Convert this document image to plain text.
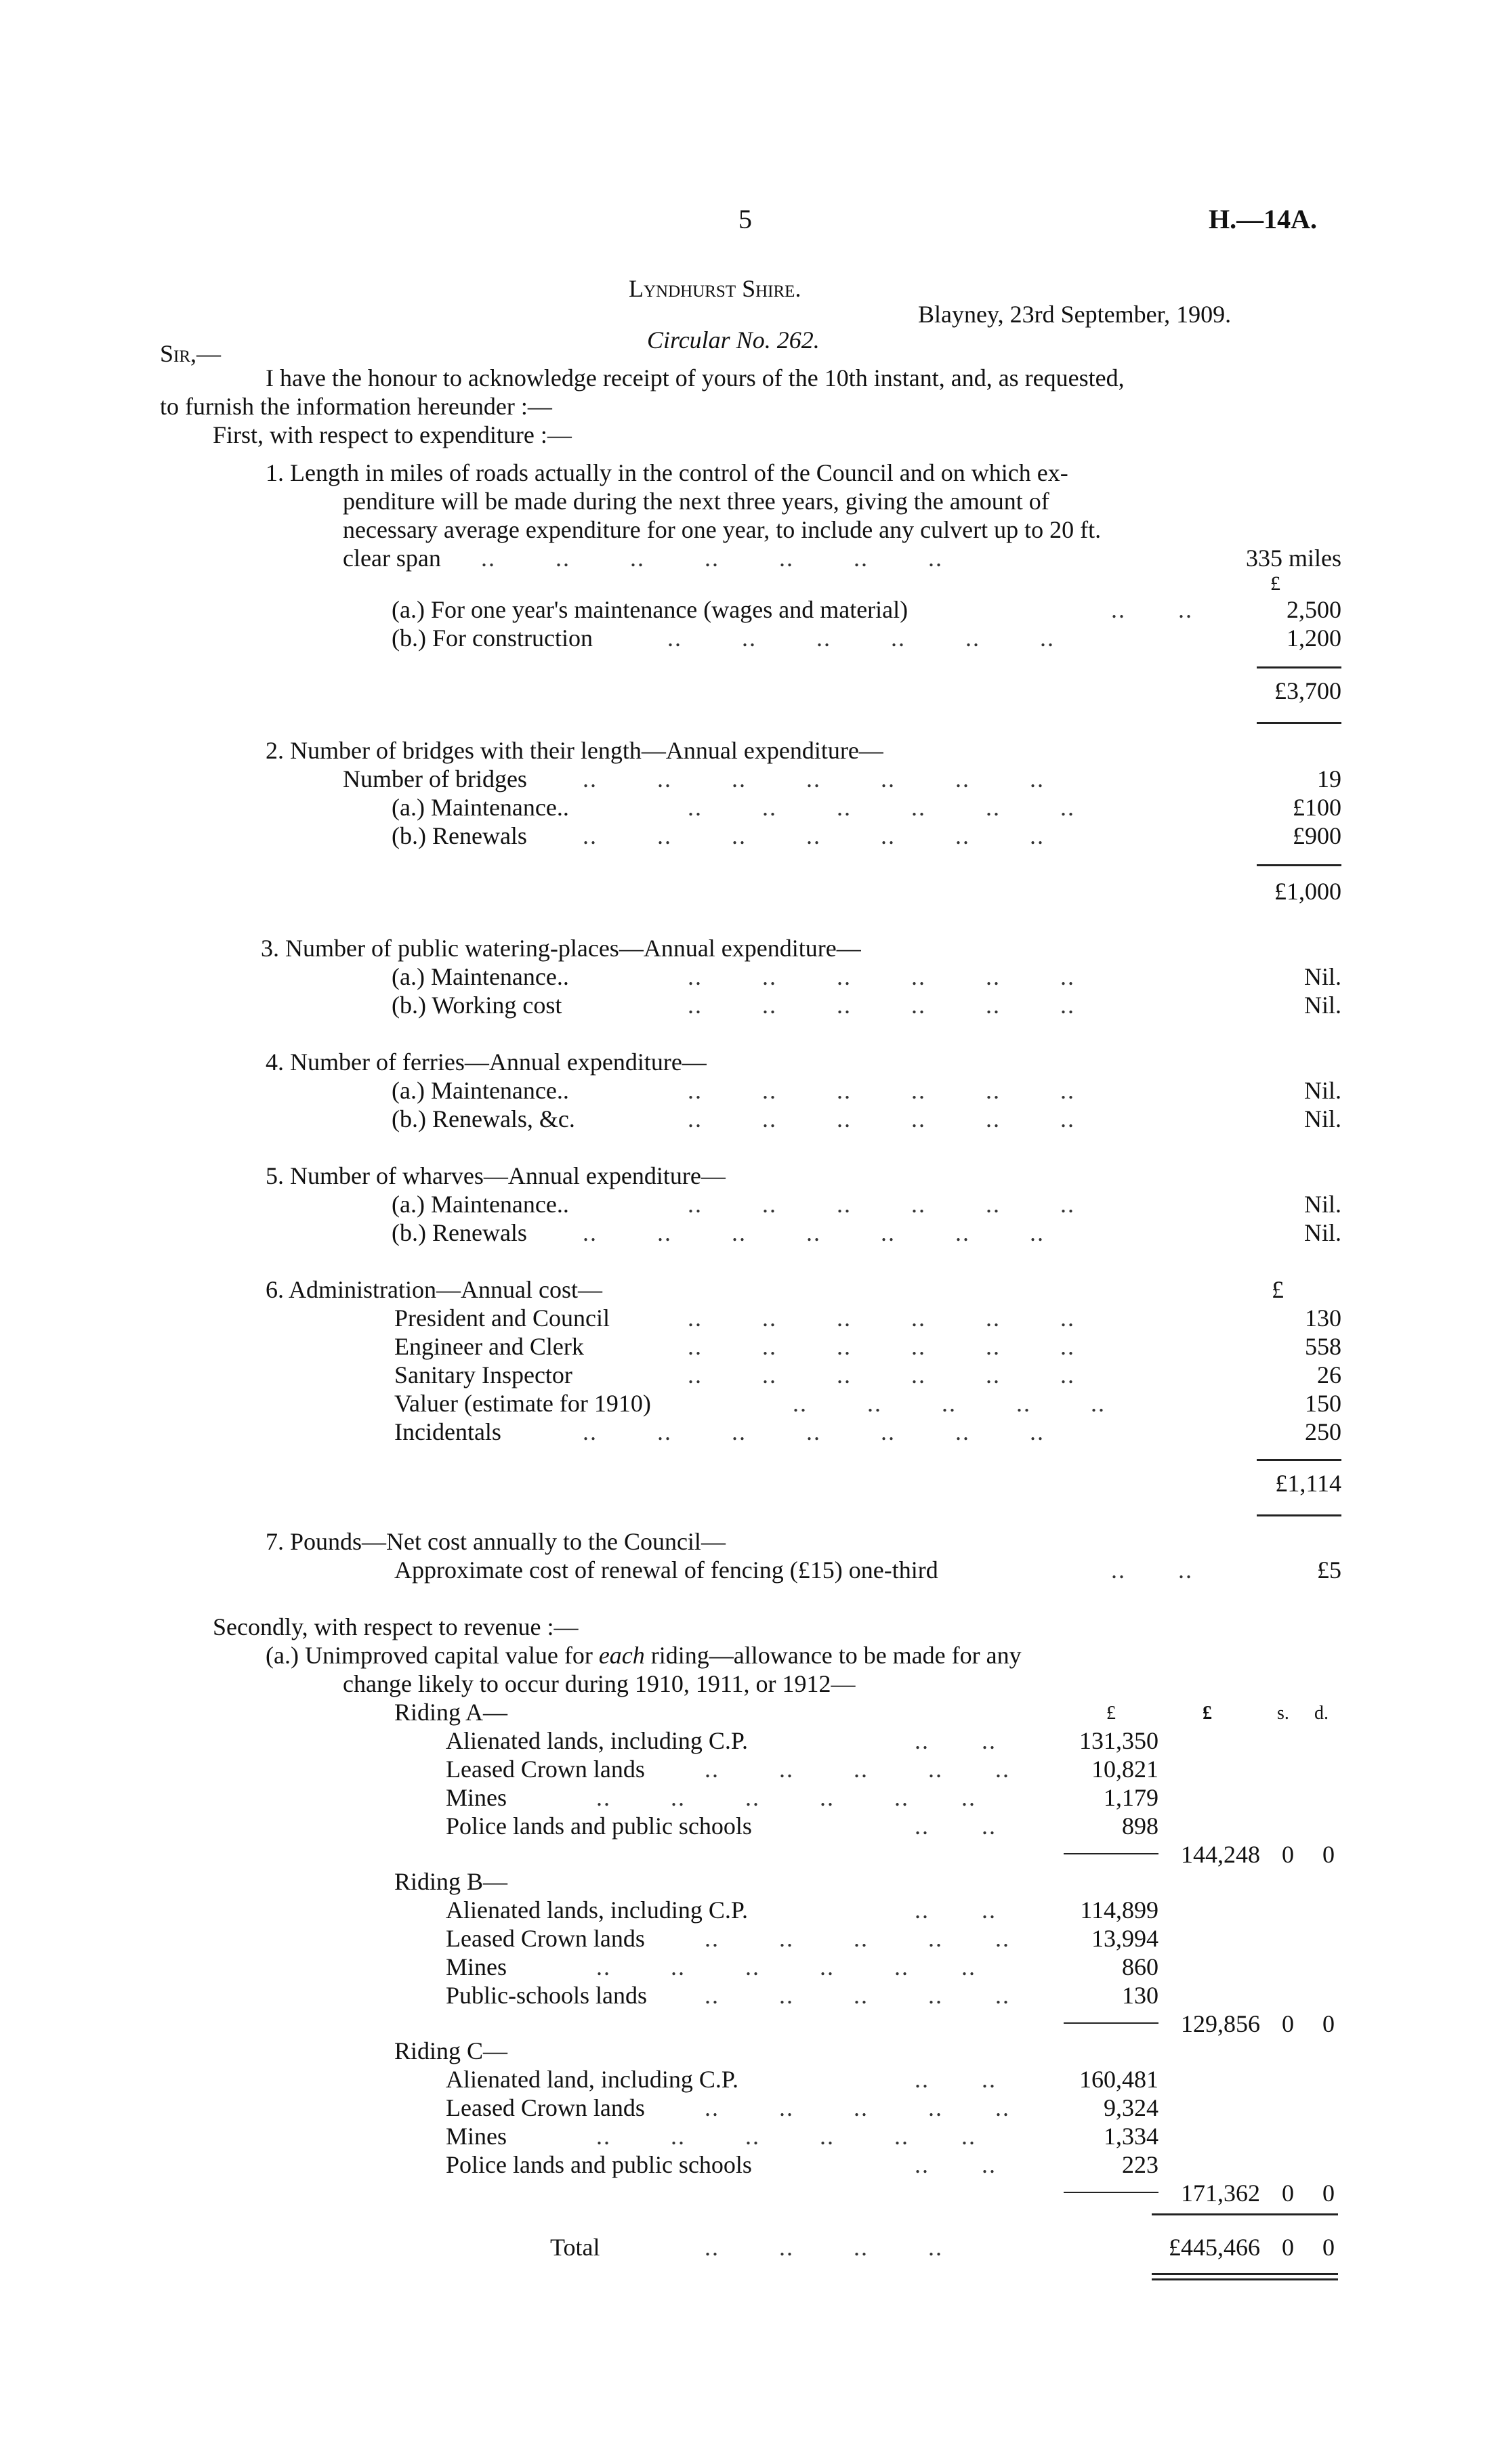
5	H.—14A.
Lyndhurst Shire.
Blayney, 23rd September, 1909.
Sir,—	Circular No. 262.
I have the honour to acknowledge receipt of yours of the 10th instant, and, as requested,
to furnish the information hereunder :—
First, with respect to expenditure :—
1. Length in miles of roads actually in the control of the Council and on which ex-
penditure will be made during the next three years, giving the amount of
necessary average expenditure for one year, to include any culvert up to 20 ft.
clear span ..        ..        ..        ..        ..        ..        ..	335 miles
£
(a.) For one year's maintenance (wages and material)	..       ..	2,500
(b.) For construction	..        ..        ..        ..        ..        ..	1,200
£3,700
2. Number of bridges with their length—Annual expenditure—
Number of bridges ..        ..        ..        ..        ..        ..        ..	19
(a.) Maintenance..	..        ..        ..        ..        ..        ..	£100
(b.) Renewals ..        ..        ..        ..        ..        ..        ..	£900
£1,000
3. Number of public watering-places—Annual expenditure—
(a.) Maintenance..	..        ..        ..        ..        ..        ..	Nil.
(b.) Working cost	..        ..        ..        ..        ..        ..	Nil.
4. Number of ferries—Annual expenditure—
(a.) Maintenance..	..        ..        ..        ..        ..        ..	Nil.
(b.) Renewals, &c.	..        ..        ..        ..        ..        ..	Nil.
5. Number of wharves—Annual expenditure—
(a.) Maintenance..	..        ..        ..        ..        ..        ..	Nil.
(b.) Renewals ..        ..        ..        ..        ..        ..        ..	Nil.
6. Administration—Annual cost—	£
President and Council	130
Engineer and Clerk	558
Sanitary Inspector	26
Valuer (estimate for 1910)	150
Incidentals	250
..        ..        ..        ..        ..        ..
..        ..        ..        ..        ..        ..
..        ..        ..        ..        ..        ..
..        ..        ..        ..        ..
..        ..        ..        ..        ..        ..        ..
£1,114
7. Pounds—Net cost annually to the Council—
Approximate cost of renewal of fencing (£15) one-third	..       ..	£5
Secondly, with respect to revenue :—
(a.) Unimproved capital value for each riding—allowance to be made for any
change likely to occur during 1910, 1911, or 1912—
£	£	s. d.
Riding A—
Alienated lands, including C.P.	..       ..	131,350
Leased Crown lands ..        ..        ..        ..       ..	10,821
Mines	..        ..        ..        ..        ..       ..	1,179
Police lands and public schools	..       ..	898
144,248 0	0
Riding B—
Alienated lands, including C.P.	..       ..	114,899
Leased Crown lands ..        ..        ..        ..       ..	13,994
Mines	..        ..        ..        ..        ..       ..	860
Public-schools lands ..        ..        ..        ..       ..	130
129,856 0	0
Riding C—
Alienated land, including C.P.	..       ..	160,481
Leased Crown lands ..        ..        ..        ..       ..	9,324
Mines	..        ..        ..        ..        ..       ..	1,334
Police lands and public schools	..       ..	223
171,362 0	0
Total	..        ..        ..        ..	£445,466 0	0
